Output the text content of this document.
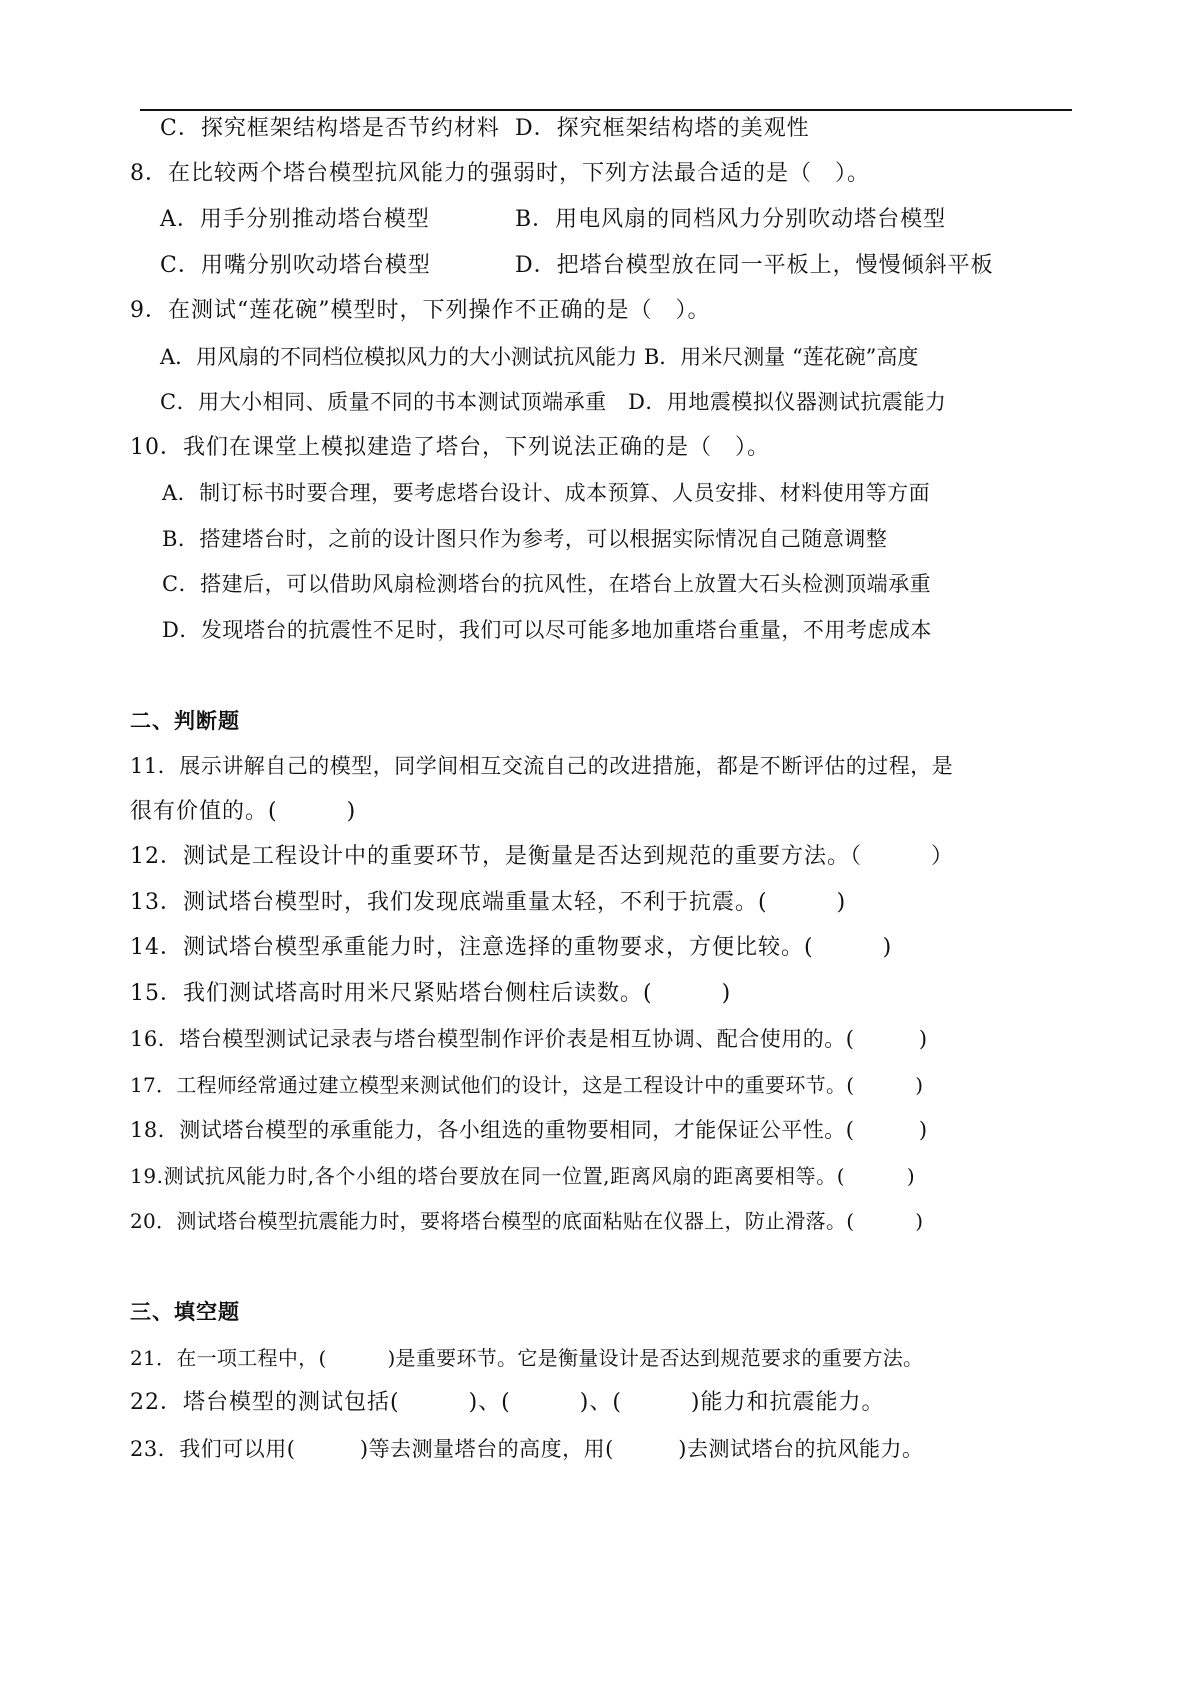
C．探究框架结构塔是否节约材料 D．探究框架结构塔的美观性
8．在比较两个塔台模型抗风能力的强弱时，下列方法最合适的是（　）。
A．用手分别推动塔台模型	B．用电风扇的同档风力分别吹动塔台模型
C．用嘴分别吹动塔台模型	D．把塔台模型放在同一平板上，慢慢倾斜平板
9．在测试“莲花碗”模型时，下列操作不正确的是（　）。
A．用风扇的不同档位模拟风力的大小测试抗风能力 B．用米尺测量 “莲花碗”高度
C．用大小相同、质量不同的书本测试顶端承重　D．用地震模拟仪器测试抗震能力
10．我们在课堂上模拟建造了塔台，下列说法正确的是（　）。
A．制订标书时要合理，要考虑塔台设计、成本预算、人员安排、材料使用等方面
B．搭建塔台时，之前的设计图只作为参考，可以根据实际情况自己随意调整
C．搭建后，可以借助风扇检测塔台的抗风性，在塔台上放置大石头检测顶端承重
D．发现塔台的抗震性不足时，我们可以尽可能多地加重塔台重量，不用考虑成本
二、判断题
11．展示讲解自己的模型，同学间相互交流自己的改进措施，都是不断评估的过程，是
很有价值的。(　　　)
12．测试是工程设计中的重要环节，是衡量是否达到规范的重要方法。（　　　）
13．测试塔台模型时，我们发现底端重量太轻，不利于抗震。(　　　)
14．测试塔台模型承重能力时，注意选择的重物要求，方便比较。(　　　)
15．我们测试塔高时用米尺紧贴塔台侧柱后读数。(　　　)
16．塔台模型测试记录表与塔台模型制作评价表是相互协调、配合使用的。(　　　)
17．工程师经常通过建立模型来测试他们的设计，这是工程设计中的重要环节。(　　　)
18．测试塔台模型的承重能力，各小组选的重物要相同，才能保证公平性。(　　　)
19.测试抗风能力时,各个小组的塔台要放在同一位置,距离风扇的距离要相等。(　　　)
20．测试塔台模型抗震能力时，要将塔台模型的底面粘贴在仪器上，防止滑落。(　　　)
三、填空题
21．在一项工程中，(　　　)是重要环节。它是衡量设计是否达到规范要求的重要方法。
22．塔台模型的测试包括(　　　)、(　　　)、(　　　)能力和抗震能力。
23．我们可以用(　　　)等去测量塔台的高度，用(　　　)去测试塔台的抗风能力。
